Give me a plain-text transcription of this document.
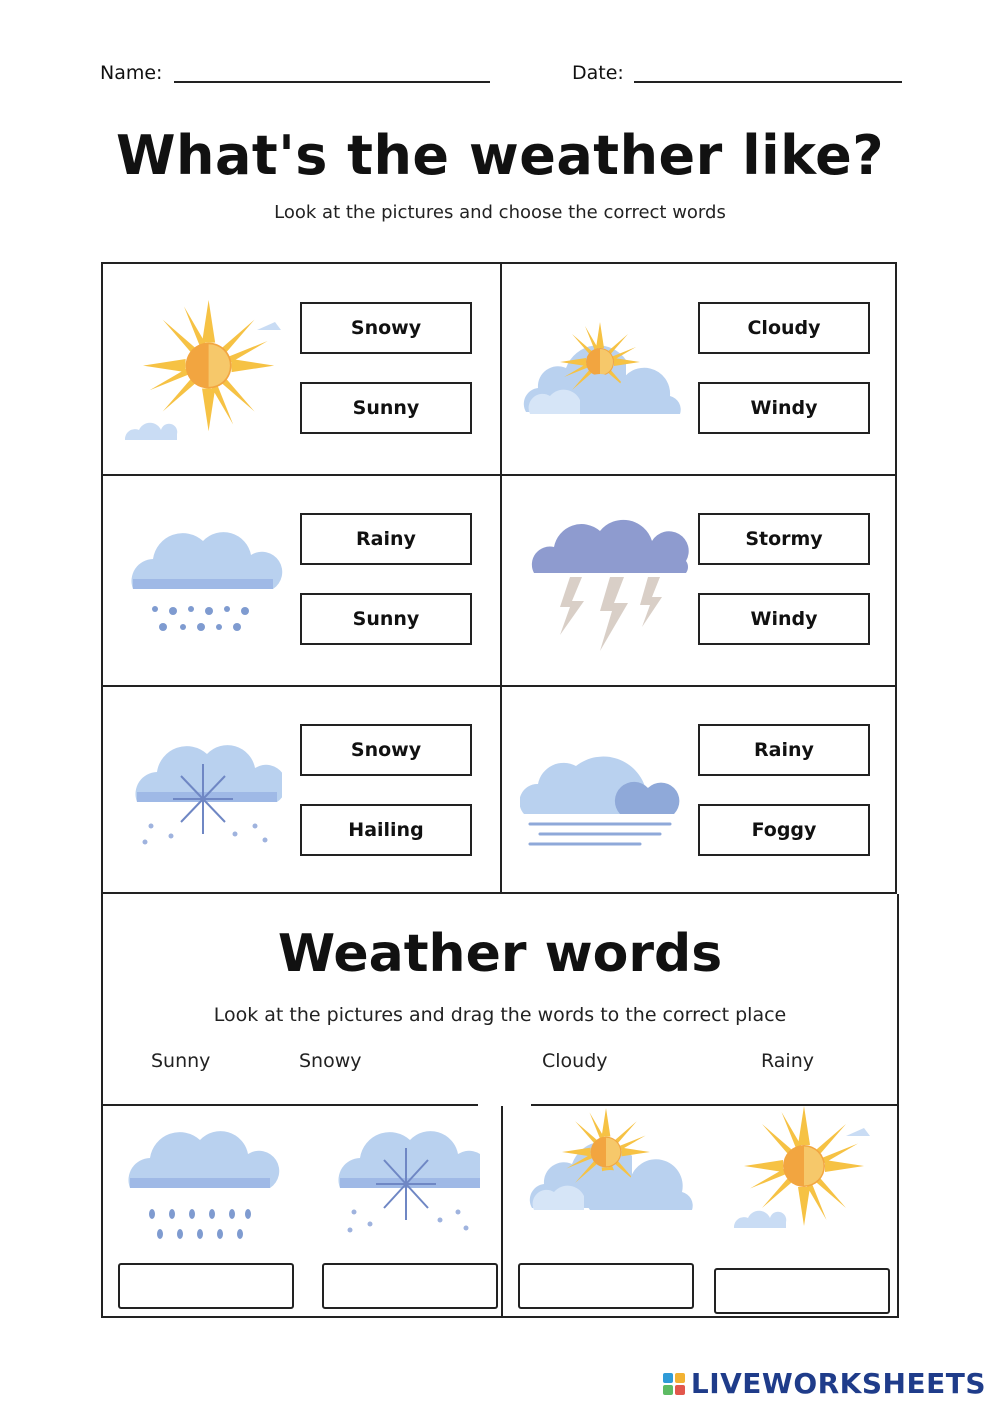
Name:	Date:
What's the weather like?
Look at the pictures and choose the correct words
Snowy
Sunny
Cloudy
Windy
Rainy
Sunny
Stormy
Windy
Snowy
Hailing
Rainy
Foggy
Weather words
Look at the pictures and drag the words to the correct place
Sunny	Snowy	Cloudy	Rainy
LIVEWORKSHEETS
